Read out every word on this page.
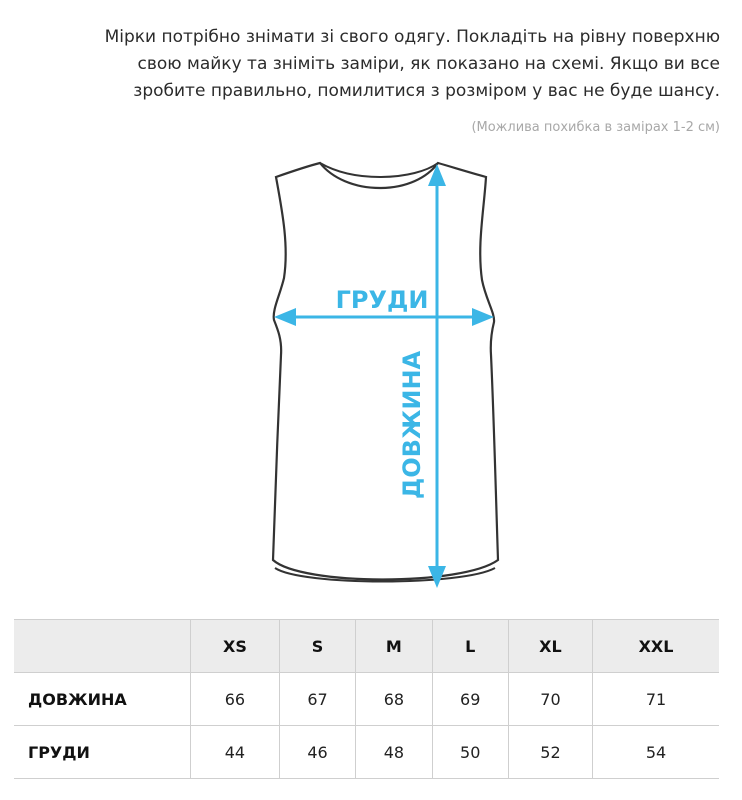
Мірки потрібно знімати зі свого одягу. Покладіть на рівну поверхню

свою майку та зніміть заміри, як показано на схемі. Якщо ви все

зробите правильно, помилитися з розміром у вас не буде шансу.

(Можлива похибка в замірах 1-2 см)
ГРУДИ
ДОВЖИНА
	XS	S	M	L	XL	XXL
ДОВЖИНА	66	67	68	69	70	71
ГРУДИ	44	46	48	50	52	54
